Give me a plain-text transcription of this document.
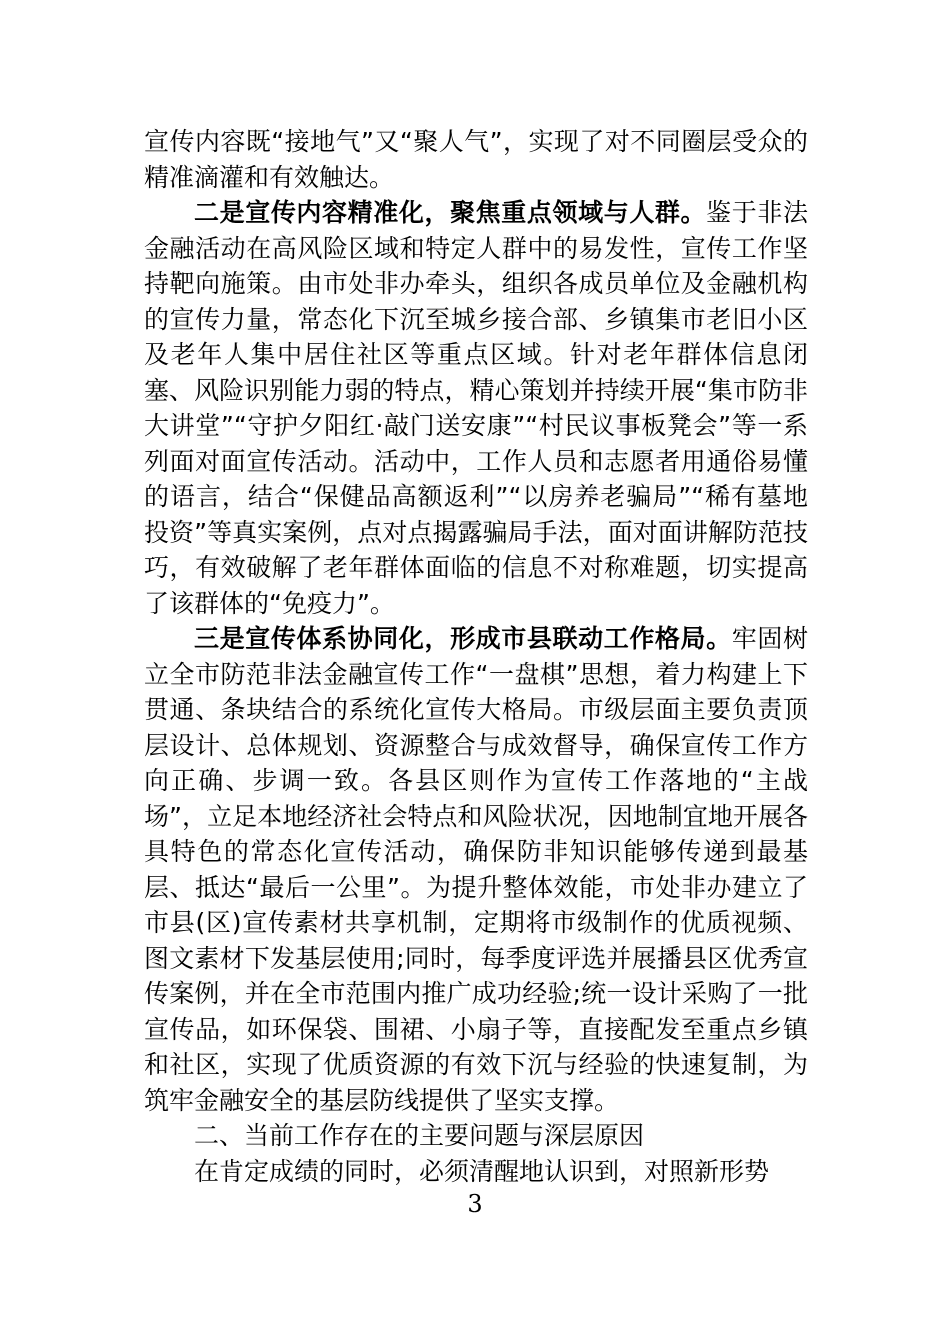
宣传内容既“接地气”又“聚人气”，实现了对不同圈层受众的精准滴灌和有效触达。

二是宣传内容精准化，聚焦重点领域与人群。鉴于非法金融活动在高风险区域和特定人群中的易发性，宣传工作坚持靶向施策。由市处非办牵头，组织各成员单位及金融机构的宣传力量，常态化下沉至城乡接合部、乡镇集市老旧小区及老年人集中居住社区等重点区域。针对老年群体信息闭塞、风险识别能力弱的特点，精心策划并持续开展“集市防非大讲堂”“守护夕阳红·敲门送安康”“村民议事板凳会”等一系列面对面宣传活动。活动中，工作人员和志愿者用通俗易懂的语言，结合“保健品高额返利”“以房养老骗局”“稀有墓地投资”等真实案例，点对点揭露骗局手法，面对面讲解防范技巧，有效破解了老年群体面临的信息不对称难题，切实提高了该群体的“免疫力”。

三是宣传体系协同化，形成市县联动工作格局。牢固树立全市防范非法金融宣传工作“一盘棋”思想，着力构建上下贯通、条块结合的系统化宣传大格局。市级层面主要负责顶层设计、总体规划、资源整合与成效督导，确保宣传工作方向正确、步调一致。各县区则作为宣传工作落地的“主战场”，立足本地经济社会特点和风险状况，因地制宜地开展各具特色的常态化宣传活动，确保防非知识能够传递到最基层、抵达“最后一公里”。为提升整体效能，市处非办建立了市县(区)宣传素材共享机制，定期将市级制作的优质视频、图文素材下发基层使用;同时，每季度评选并展播县区优秀宣传案例，并在全市范围内推广成功经验;统一设计采购了一批宣传品，如环保袋、围裙、小扇子等，直接配发至重点乡镇和社区，实现了优质资源的有效下沉与经验的快速复制，为筑牢金融安全的基层防线提供了坚实支撑。

二、当前工作存在的主要问题与深层原因

在肯定成绩的同时，必须清醒地认识到，对照新形势

3
